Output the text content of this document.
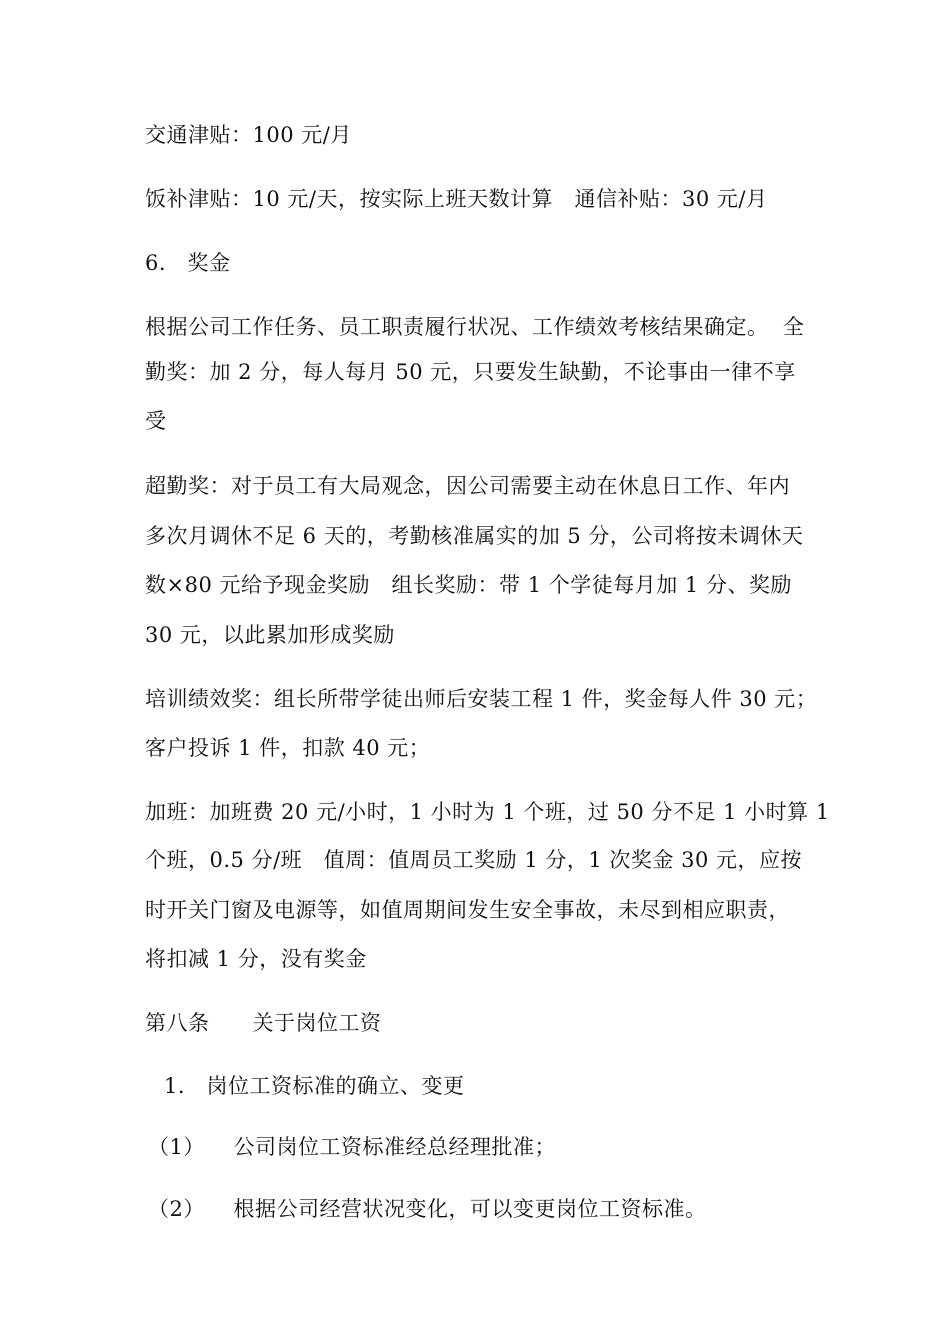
交通津贴：100 元/月
饭补津贴：10 元/天，按实际上班天数计算   通信补贴：30 元/月
6.   奖金
根据公司工作任务、员工职责履行状况、工作绩效考核结果确定。  全
勤奖：加 2 分，每人每月 50 元，只要发生缺勤，不论事由一律不享
受
超勤奖：对于员工有大局观念，因公司需要主动在休息日工作、年内
多次月调休不足 6 天的，考勤核准属实的加 5 分，公司将按未调休天
数×80 元给予现金奖励   组长奖励：带 1 个学徒每月加 1 分、奖励
30 元，以此累加形成奖励
培训绩效奖：组长所带学徒出师后安装工程 1 件，奖金每人件 30 元；
客户投诉 1 件，扣款 40 元；
加班：加班费 20 元/小时，1 小时为 1 个班，过 50 分不足 1 小时算 1
个班，0.5 分/班   值周：值周员工奖励 1 分，1 次奖金 30 元，应按
时开关门窗及电源等，如值周期间发生安全事故，未尽到相应职责，
将扣减 1 分，没有奖金
第八条      关于岗位工资
1.   岗位工资标准的确立、变更
（1）    公司岗位工资标准经总经理批准；
（2）    根据公司经营状况变化，可以变更岗位工资标准。
